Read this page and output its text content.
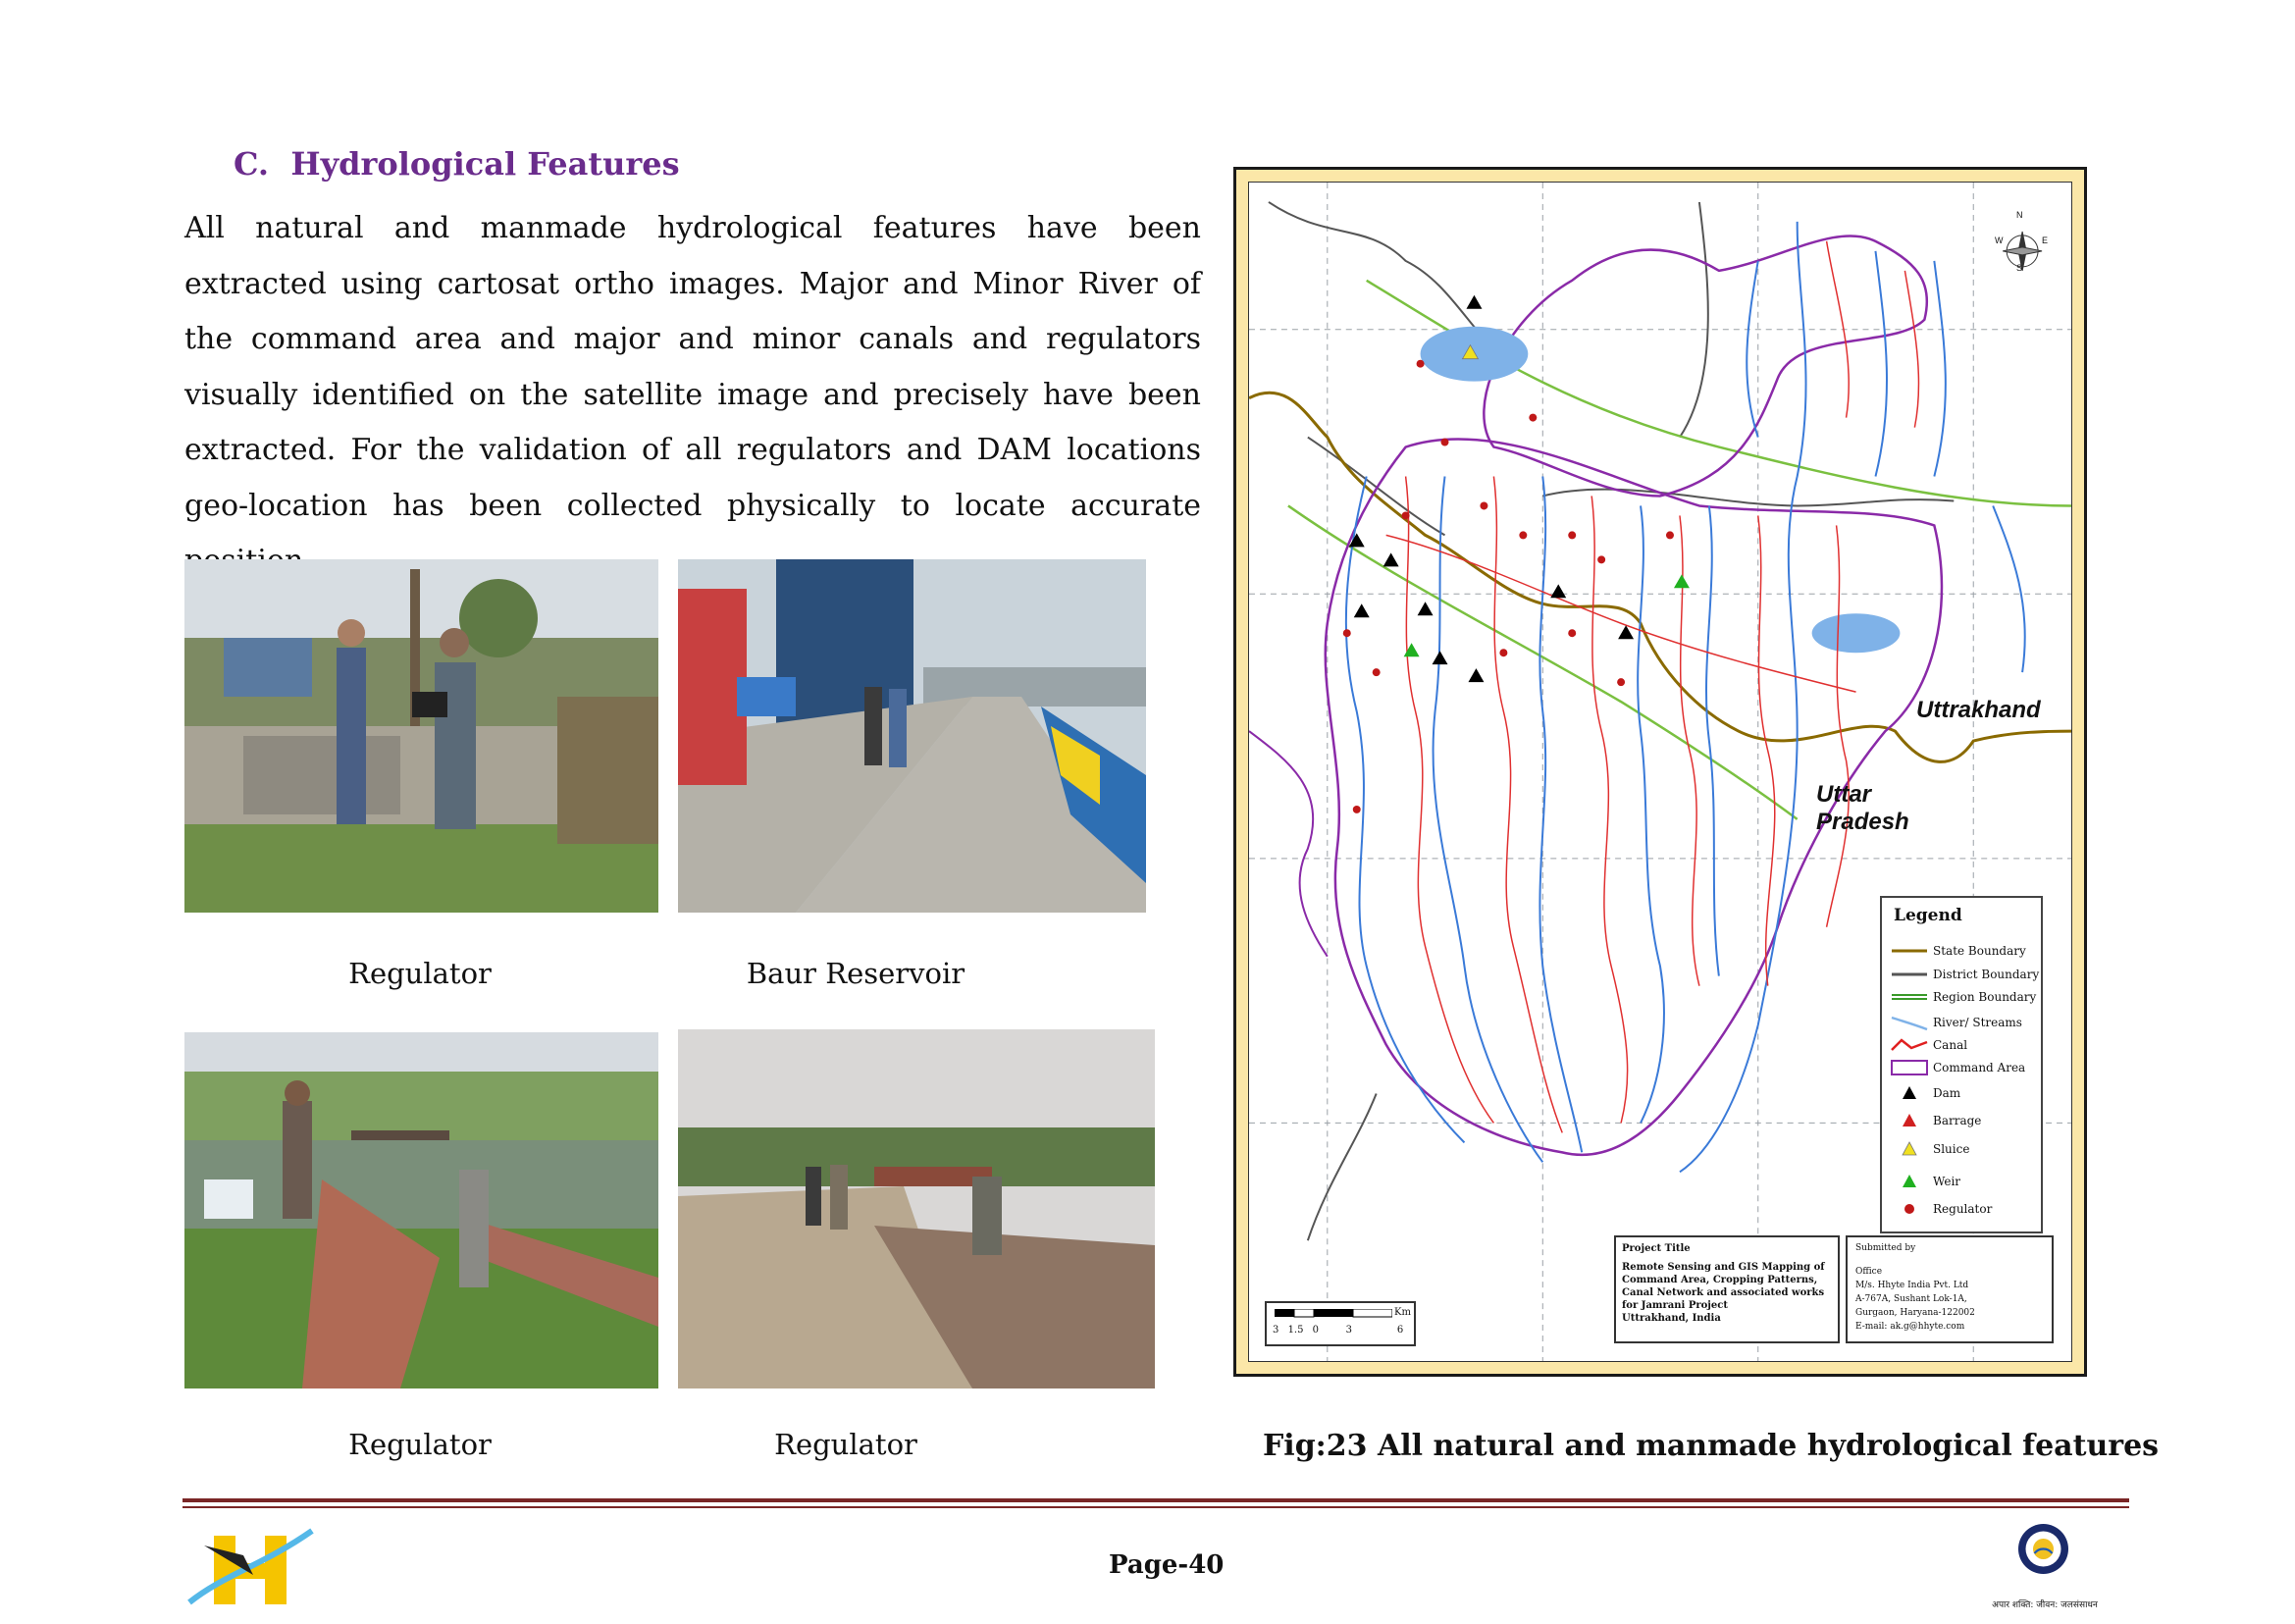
C. Hydrological Features
All natural and manmade hydrological features have been extracted using cartosat ortho images. Major and Minor River of the command area and major and minor canals and regulators visually identified on the satellite image and precisely have been extracted. For the validation of all regulators and DAM locations geo-location has been collected physically to locate accurate
Regulator	Baur Reservoir
Regulator	Regulator
Uttrakhand
Uttar
Pradesh
N
E
S
W
Legend
State Boundary
District Boundary
Region Boundary
River/ Streams
Canal
Command Area
Dam
Barrage
Sluice
Weir
Regulator
Project Title
Remote Sensing and GIS Mapping of
Command Area, Cropping Patterns,
Canal Network and associated works
for Jamrani Project
Uttrakhand, India
Submitted by
Office
M/s. Hhyte India Pvt. Ltd
A-767A, Sushant Lok-1A,
Gurgaon, Haryana-122002
E-mail: ak.g@hhyte.com
Km
3 1.5 0	3	6
Fig:23 All natural and manmade hydrological features
Page-40
अपार शक्ति: जीवन: जलसंसाधन
